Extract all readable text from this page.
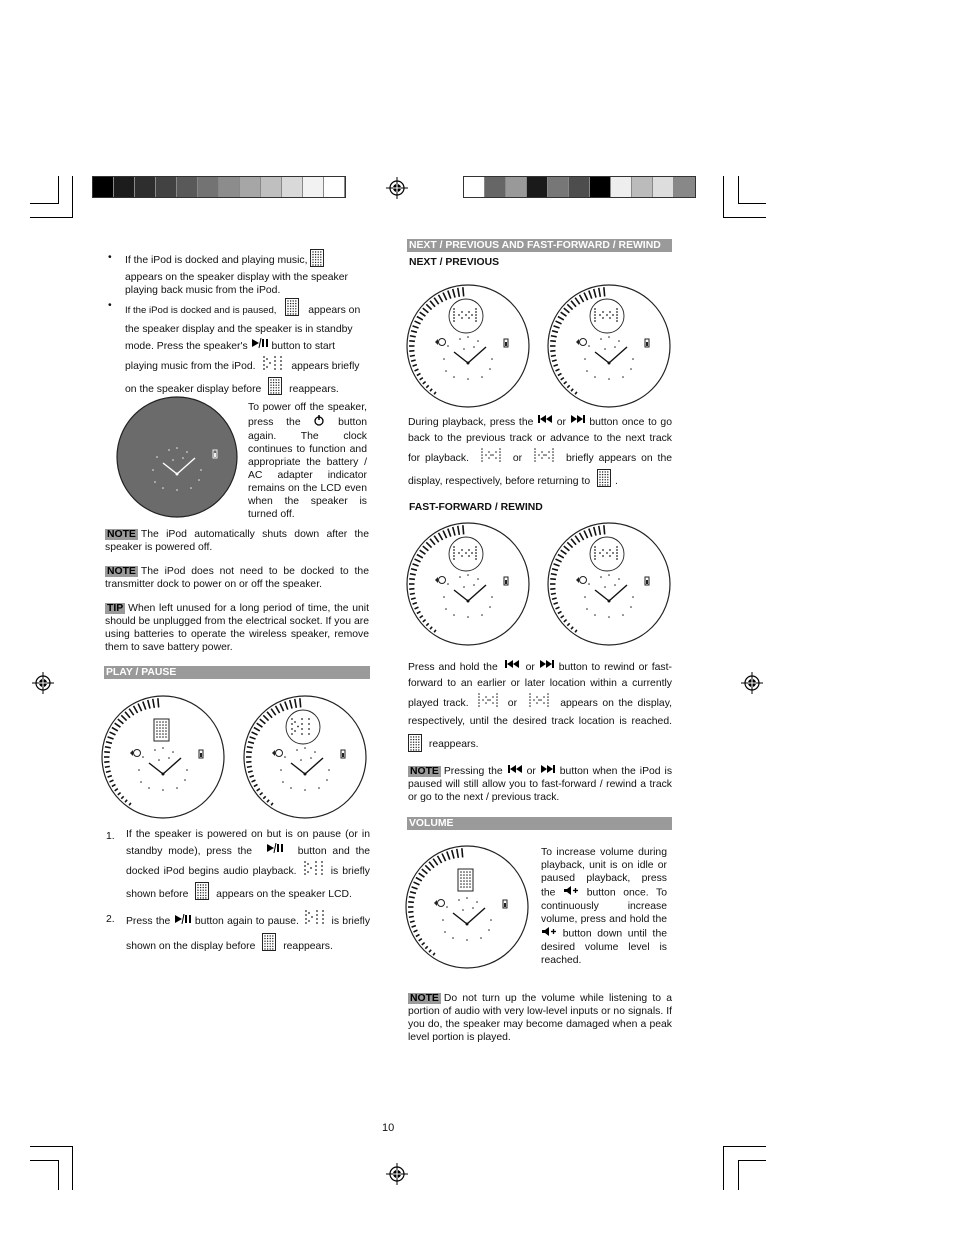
• If the iPod is docked and playing music,
appears on the speaker display with the speaker playing back music from the iPod.
• If the iPod is docked and is paused,	appears on the speaker display and the speaker is in standby mode. Press the speaker's button to start playing music from the iPod.	appears briefly on the speaker display before	reappears.
To power off the speaker, press the	button again. The clock continues to function and appropriate the battery / AC adapter indicator remains on the LCD even when the speaker is turned off.
NOTE The iPod automatically shuts down after the speaker is powered off.
NOTE The iPod does not need to be docked to the transmitter dock to power on or off the speaker.
TIP When left unused for a long period of time, the unit should be unplugged from the electrical socket. If you are using batteries to operate the wireless speaker, remove them to save battery power.
PLAY / PAUSE
1. If the speaker is powered on but is on pause (or in standby mode), press the	button and the docked iPod begins audio playback.	is briefly shown before	appears on the speaker LCD.
2. Press the button again to pause.	is briefly shown on the display before	reappears.
NEXT / PREVIOUS AND FAST-FORWARD / REWIND
NEXT / PREVIOUS
During playback, press the or button once to go back to the previous track or advance to the next track for playback.	or	briefly appears on the display, respectively, before returning to .
FAST-FORWARD / REWIND
Press and hold the	or button to rewind or fast-forward to an earlier or later location within a currently played track.	or	appears on the display, respectively, until the desired track location is reached.  reappears.
NOTE Pressing the or button when the iPod is paused will still allow you to fast-forward / rewind a track or go to the next / previous track.
VOLUME
To increase volume during playback, unit is on idle or paused playback, press the	button once. To continuously increase volume, press and hold the  button down until the desired volume level is reached.
NOTE Do not turn up the volume while listening to a portion of audio with very low-level inputs or no signals. If you do, the speaker may become damaged when a peak level portion is played.
10
